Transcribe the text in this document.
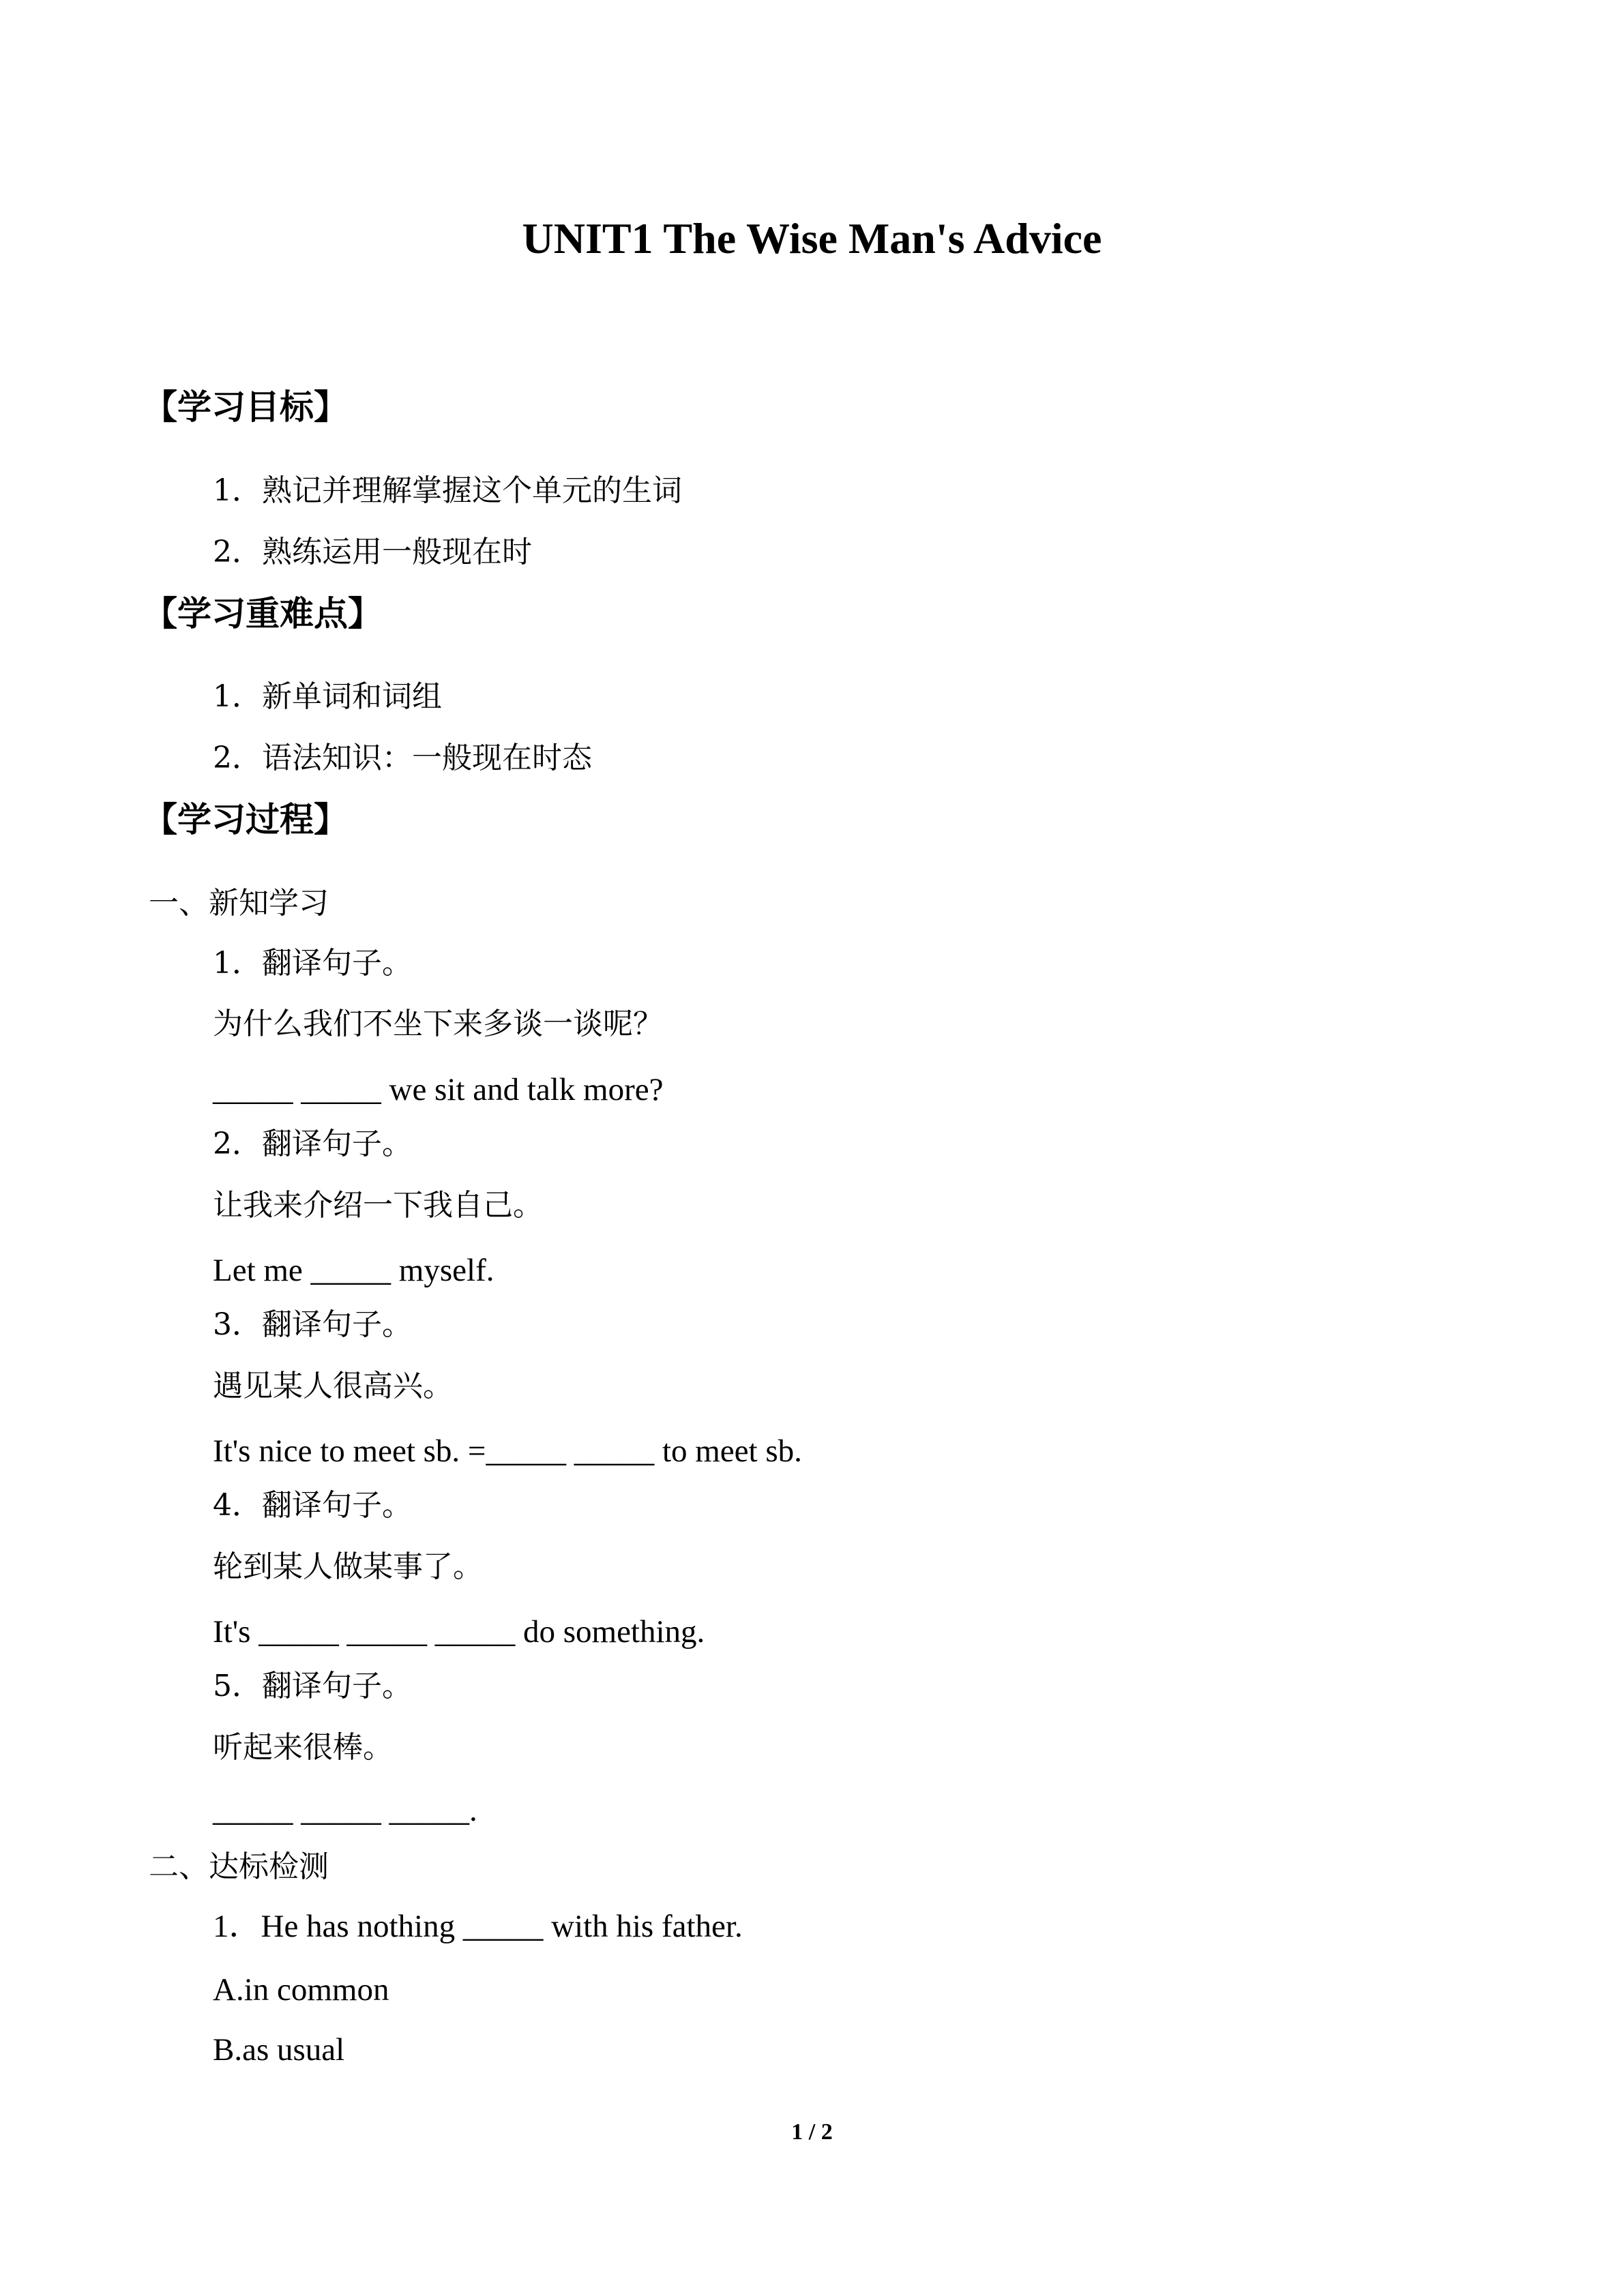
UNIT1 The Wise Man's Advice
【学习目标】
1．熟记并理解掌握这个单元的生词
2．熟练运用一般现在时
【学习重难点】
1．新单词和词组
2．语法知识：一般现在时态
【学习过程】
一、新知学习
1．翻译句子。
为什么我们不坐下来多谈一谈呢？
_____ _____ we sit and talk more?
2．翻译句子。
让我来介绍一下我自己。
Let me _____ myself.
3．翻译句子。
遇见某人很高兴。
It's nice to meet sb. =_____ _____ to meet sb.
4．翻译句子。
轮到某人做某事了。
It's _____ _____ _____ do something.
5．翻译句子。
听起来很棒。
_____ _____ _____.
二、达标检测
1．He has nothing _____ with his father.
A.in common
B.as usual
1 / 2
